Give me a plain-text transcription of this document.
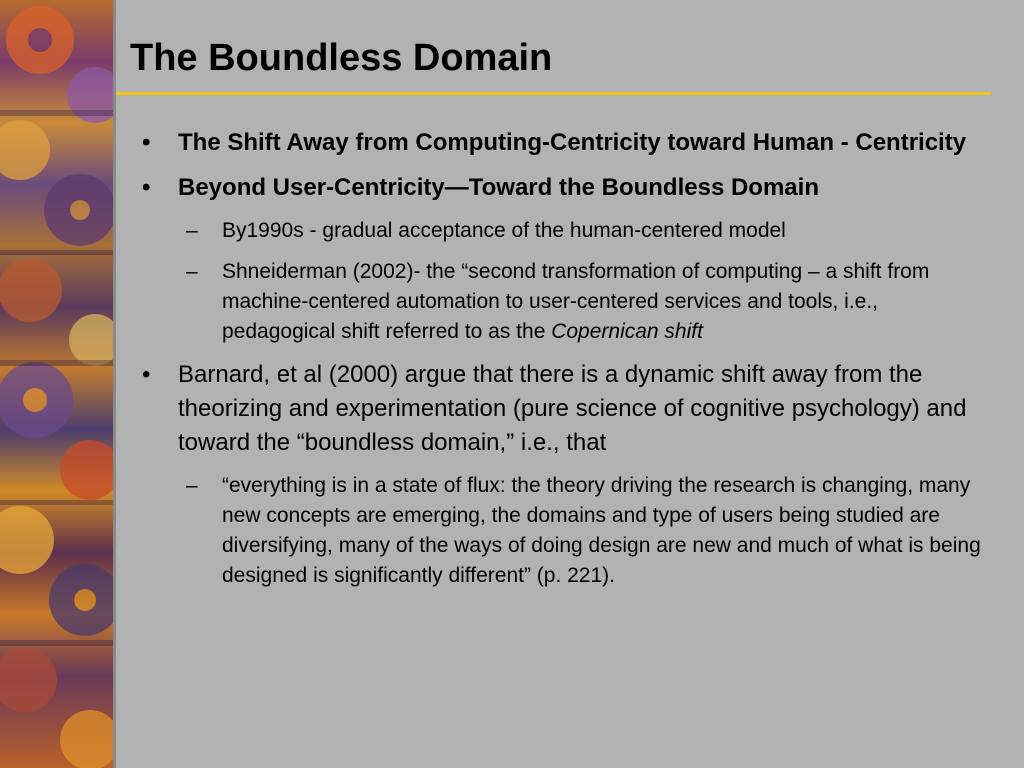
The Boundless Domain
• The Shift Away from Computing-Centricity toward Human - Centricity
• Beyond User-Centricity—Toward the Boundless Domain
– By1990s - gradual acceptance of the human-centered model
– Shneiderman (2002)- the “second transformation of computing – a shift from machine-centered automation to user-centered services and tools, i.e., pedagogical shift referred to as the Copernican shift
• Barnard, et al (2000) argue that there is a dynamic shift away from the theorizing and experimentation (pure science of cognitive psychology) and toward the “boundless domain,” i.e., that
– “everything is in a state of flux: the theory driving the research is changing, many new concepts are emerging, the domains and type of users being studied are diversifying, many of the ways of doing design are new and much of what is being designed is significantly different” (p. 221).
